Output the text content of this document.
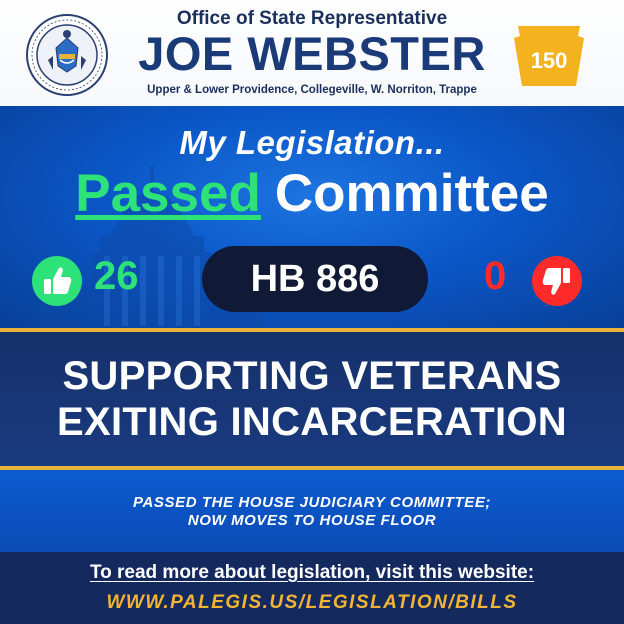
Office of State Representative
JOE WEBSTER
Upper & Lower Providence, Collegeville, W. Norriton, Trappe
150
My Legislation...
Passed Committee
26	HB 886	0
SUPPORTING VETERANS
EXITING INCARCERATION
PASSED THE HOUSE JUDICIARY COMMITTEE;
NOW MOVES TO HOUSE FLOOR
To read more about legislation, visit this website:
WWW.PALEGIS.US/LEGISLATION/BILLS
